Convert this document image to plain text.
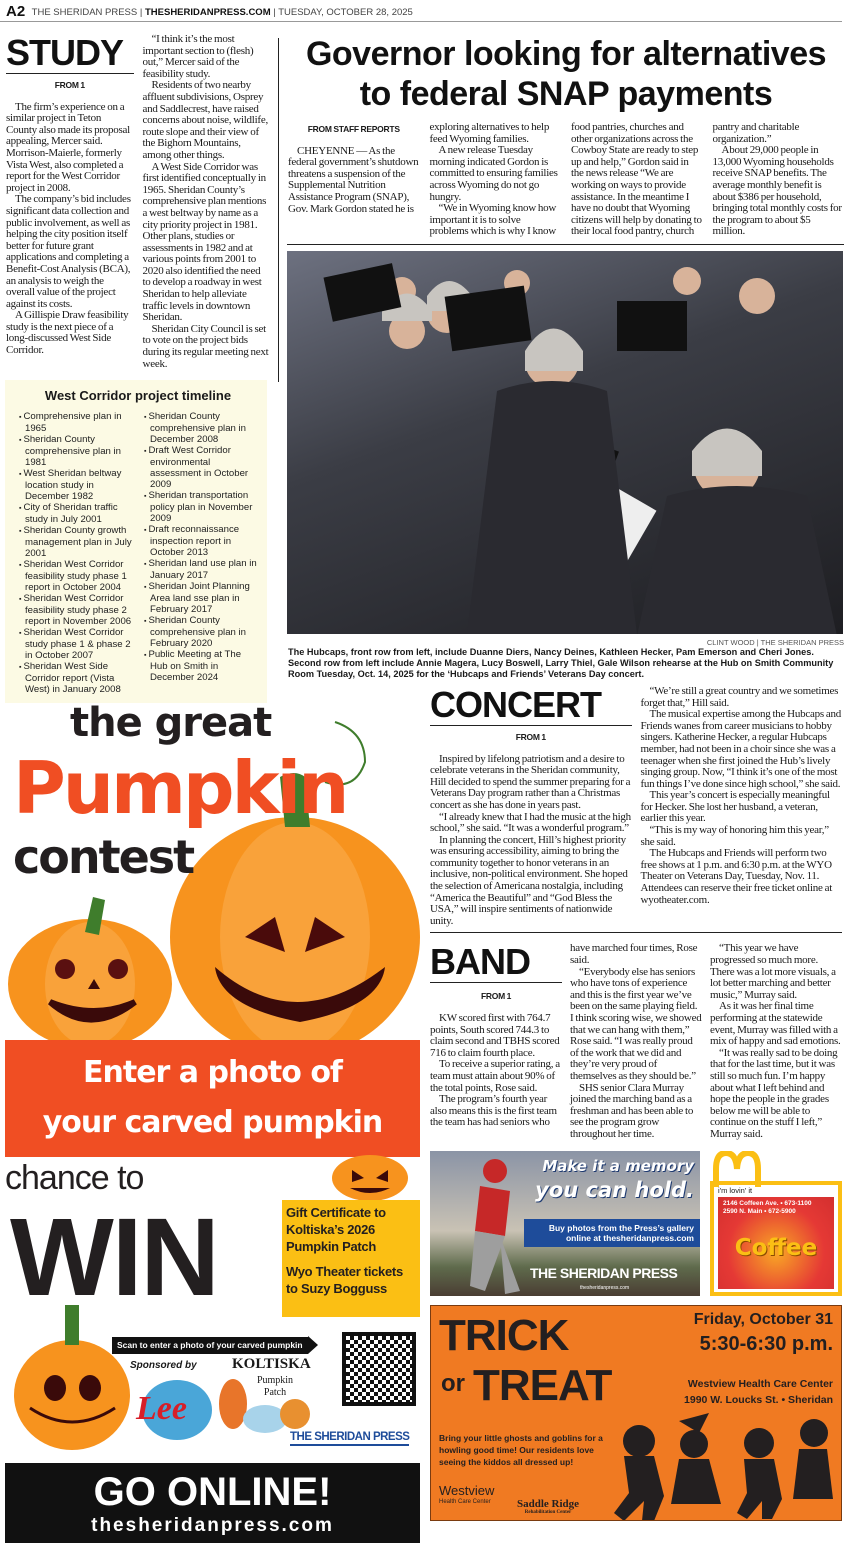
A2 THE SHERIDAN PRESS | THESHERIDANPRESS.COM | TUESDAY, OCTOBER 28, 2025
STUDY
FROM 1

The firm’s experience on a similar project in Teton County also made its proposal appealing, Mercer said. Morrison-Maierle, formerly Vista West, also completed a report for the West Corridor project in 2008.

The company’s bid includes significant data collection and public involvement, as well as helping the city position itself better for future grant applications and completing a Benefit-Cost Analysis (BCA), an analysis to weigh the overall value of the project against its costs.

A Gillispie Draw feasibility study is the next piece of a long-discussed West Side Corridor.

“I think it’s the most important section to (flesh) out,” Mercer said of the feasibility study.

Residents of two nearby affluent subdivisions, Osprey and Saddlecrest, have raised concerns about noise, wildlife, route slope and their view of the Bighorn Mountains, among other things.

A West Side Corridor was first identified conceptually in 1965. Sheridan County’s comprehensive plan mentions a west beltway by name as a city priority project in 1981. Other plans, studies or assessments in 1982 and at various points from 2001 to 2020 also identified the need to develop a roadway in west Sheridan to help alleviate traffic levels in downtown Sheridan.

Sheridan City Council is set to vote on the project bids during its regular meeting next week.

West Corridor project timeline
▪ Comprehensive plan in 1965
▪ Sheridan County comprehensive plan in 1981
▪ West Sheridan beltway location study in December 1982
▪ City of Sheridan traffic study in July 2001
▪ Sheridan County growth management plan in July 2001
▪ Sheridan West Corridor feasibility study phase 1 report in October 2004
▪ Sheridan West Corridor feasibility study phase 2 report in November 2006
▪ Sheridan West Corridor study phase 1 & phase 2 in October 2007
▪ Sheridan West Side Corridor report (Vista West) in January 2008
▪ Sheridan County comprehensive plan in December 2008
▪ Draft West Corridor environmental assessment in October 2009
▪ Sheridan transportation policy plan in November 2009
▪ Draft reconnaissance inspection report in October 2013
▪ Sheridan land use plan in January 2017
▪ Sheridan Joint Planning Area land sse plan in February 2017
▪ Sheridan County comprehensive plan in February 2020
▪ Public Meeting at The Hub on Smith in December 2024
Governor looking for alternatives to federal SNAP payments
FROM STAFF REPORTS

CHEYENNE — As the federal government’s shutdown threatens a suspension of the Supplemental Nutrition Assistance Program (SNAP), Gov. Mark Gordon stated he is exploring alternatives to help feed Wyoming families.

A new release Tuesday morning indicated Gordon is committed to ensuring families across Wyoming do not go hungry.

“We in Wyoming know how important it is to solve problems which is why I know food pantries, churches and other organizations across the Cowboy State are ready to step up and help,” Gordon said in the news release “We are working on ways to provide assistance. In the meantime I have no doubt that Wyoming citizens will help by donating to their local food pantry, church pantry and charitable organization.”

About 29,000 people in 13,000 Wyoming households receive SNAP benefits. The average monthly benefit is about $386 per household, bringing total monthly costs for the program to about $5 million.

CLINT WOOD | THE SHERIDAN PRESS
The Hubcaps, front row from left, include Duanne Diers, Nancy Deines, Kathleen Hecker, Pam Emerson and Cheri Jones. Second row from left include Annie Magera, Lucy Boswell, Larry Thiel, Gale Wilson rehearse at the Hub on Smith Community Room Tuesday, Oct. 14, 2025 for the ‘Hubcaps and Friends’ Veterans Day concert.
CONCERT
FROM 1

Inspired by lifelong patriotism and a desire to celebrate veterans in the Sheridan community, Hill decided to spend the summer preparing for a Veterans Day program rather than a Christmas concert as she has done in years past.

“I already knew that I had the music at the high school,” she said. “It was a wonderful program.”

In planning the concert, Hill’s highest priority was ensuring accessibility, aiming to bring the community together to honor veterans in an inclusive, non-political environment. She hoped the selection of Americana nostalgia, including “America the Beautiful” and “God Bless the USA,” will inspire sentiments of nationwide unity.

“We’re still a great country and we sometimes forget that,” Hill said.

The musical expertise among the Hubcaps and Friends wanes from career musicians to hobby singers. Katherine Hecker, a regular Hubcaps member, had not been in a choir since she was a teenager when she first joined the Hub’s lively singing group. Now, “I think it’s one of the most fun things I’ve done since high school,” she said.

This year’s concert is especially meaningful for Hecker. She lost her husband, a veteran, earlier this year.

“This is my way of honoring him this year,” she said.

The Hubcaps and Friends will perform two free shows at 1 p.m. and 6:30 p.m. at the WYO Theater on Veterans Day, Tuesday, Nov. 11. Attendees can reserve their free ticket online at wyotheater.com.

BAND
FROM 1

KW scored first with 764.7 points, South scored 744.3 to claim second and TBHS scored 716 to claim fourth place.

To receive a superior rating, a team must attain about 90% of the total points, Rose said.

The program’s fourth year also means this is the first team the team has had seniors who have marched four times, Rose said.

“Everybody else has seniors who have tons of experience and this is the first year we’ve been on the same playing field. I think scoring wise, we showed that we can hang with them,” Rose said. “I was really proud of the work that we did and they’re very proud of themselves as they should be.”

SHS senior Clara Murray joined the marching band as a freshman and has been able to see the program grow throughout her time.

“This year we have progressed so much more. There was a lot more visuals, a lot better marching and better music,” Murray said.

As it was her final time performing at the statewide event, Murray was filled with a mix of happy and sad emotions.

“It was really sad to be doing that for the last time, but it was still so much fun. I’m happy about what I left behind and hope the people in the grades below me will be able to continue on the stuff I left,” Murray said.

Make it a memory
you can hold.
Buy photos from the Press’s gallery online at thesheridanpress.com
THE SHERIDAN PRESS
thesheridanpress.com
i'm lovin' it
2146 Coffeen Ave. • 673-1100
2590 N. Main • 672-5900
Coffee
TRICK
or TREAT
Friday, October 31
5:30-6:30 p.m.
Westview Health Care Center
1990 W. Loucks St. • Sheridan
Bring your little ghosts and goblins for a howling good time! Our residents love seeing the kiddos all dressed up!
Westview
Health Care Center	Saddle Ridge
Rehabilitation Center
the great
Pumpkin
contest
Enter a photo of
your carved pumpkin
chance to
WIN	Gift Certificate to Koltiska’s 2026 Pumpkin Patch
Wyo Theater tickets to Suzy Bogguss
Scan to enter a photo of your carved pumpkin
Sponsored by
Lee
KOLTISKA
Pumpkin Patch
THE SHERIDAN PRESS
GO ONLINE!
thesheridanpress.com
